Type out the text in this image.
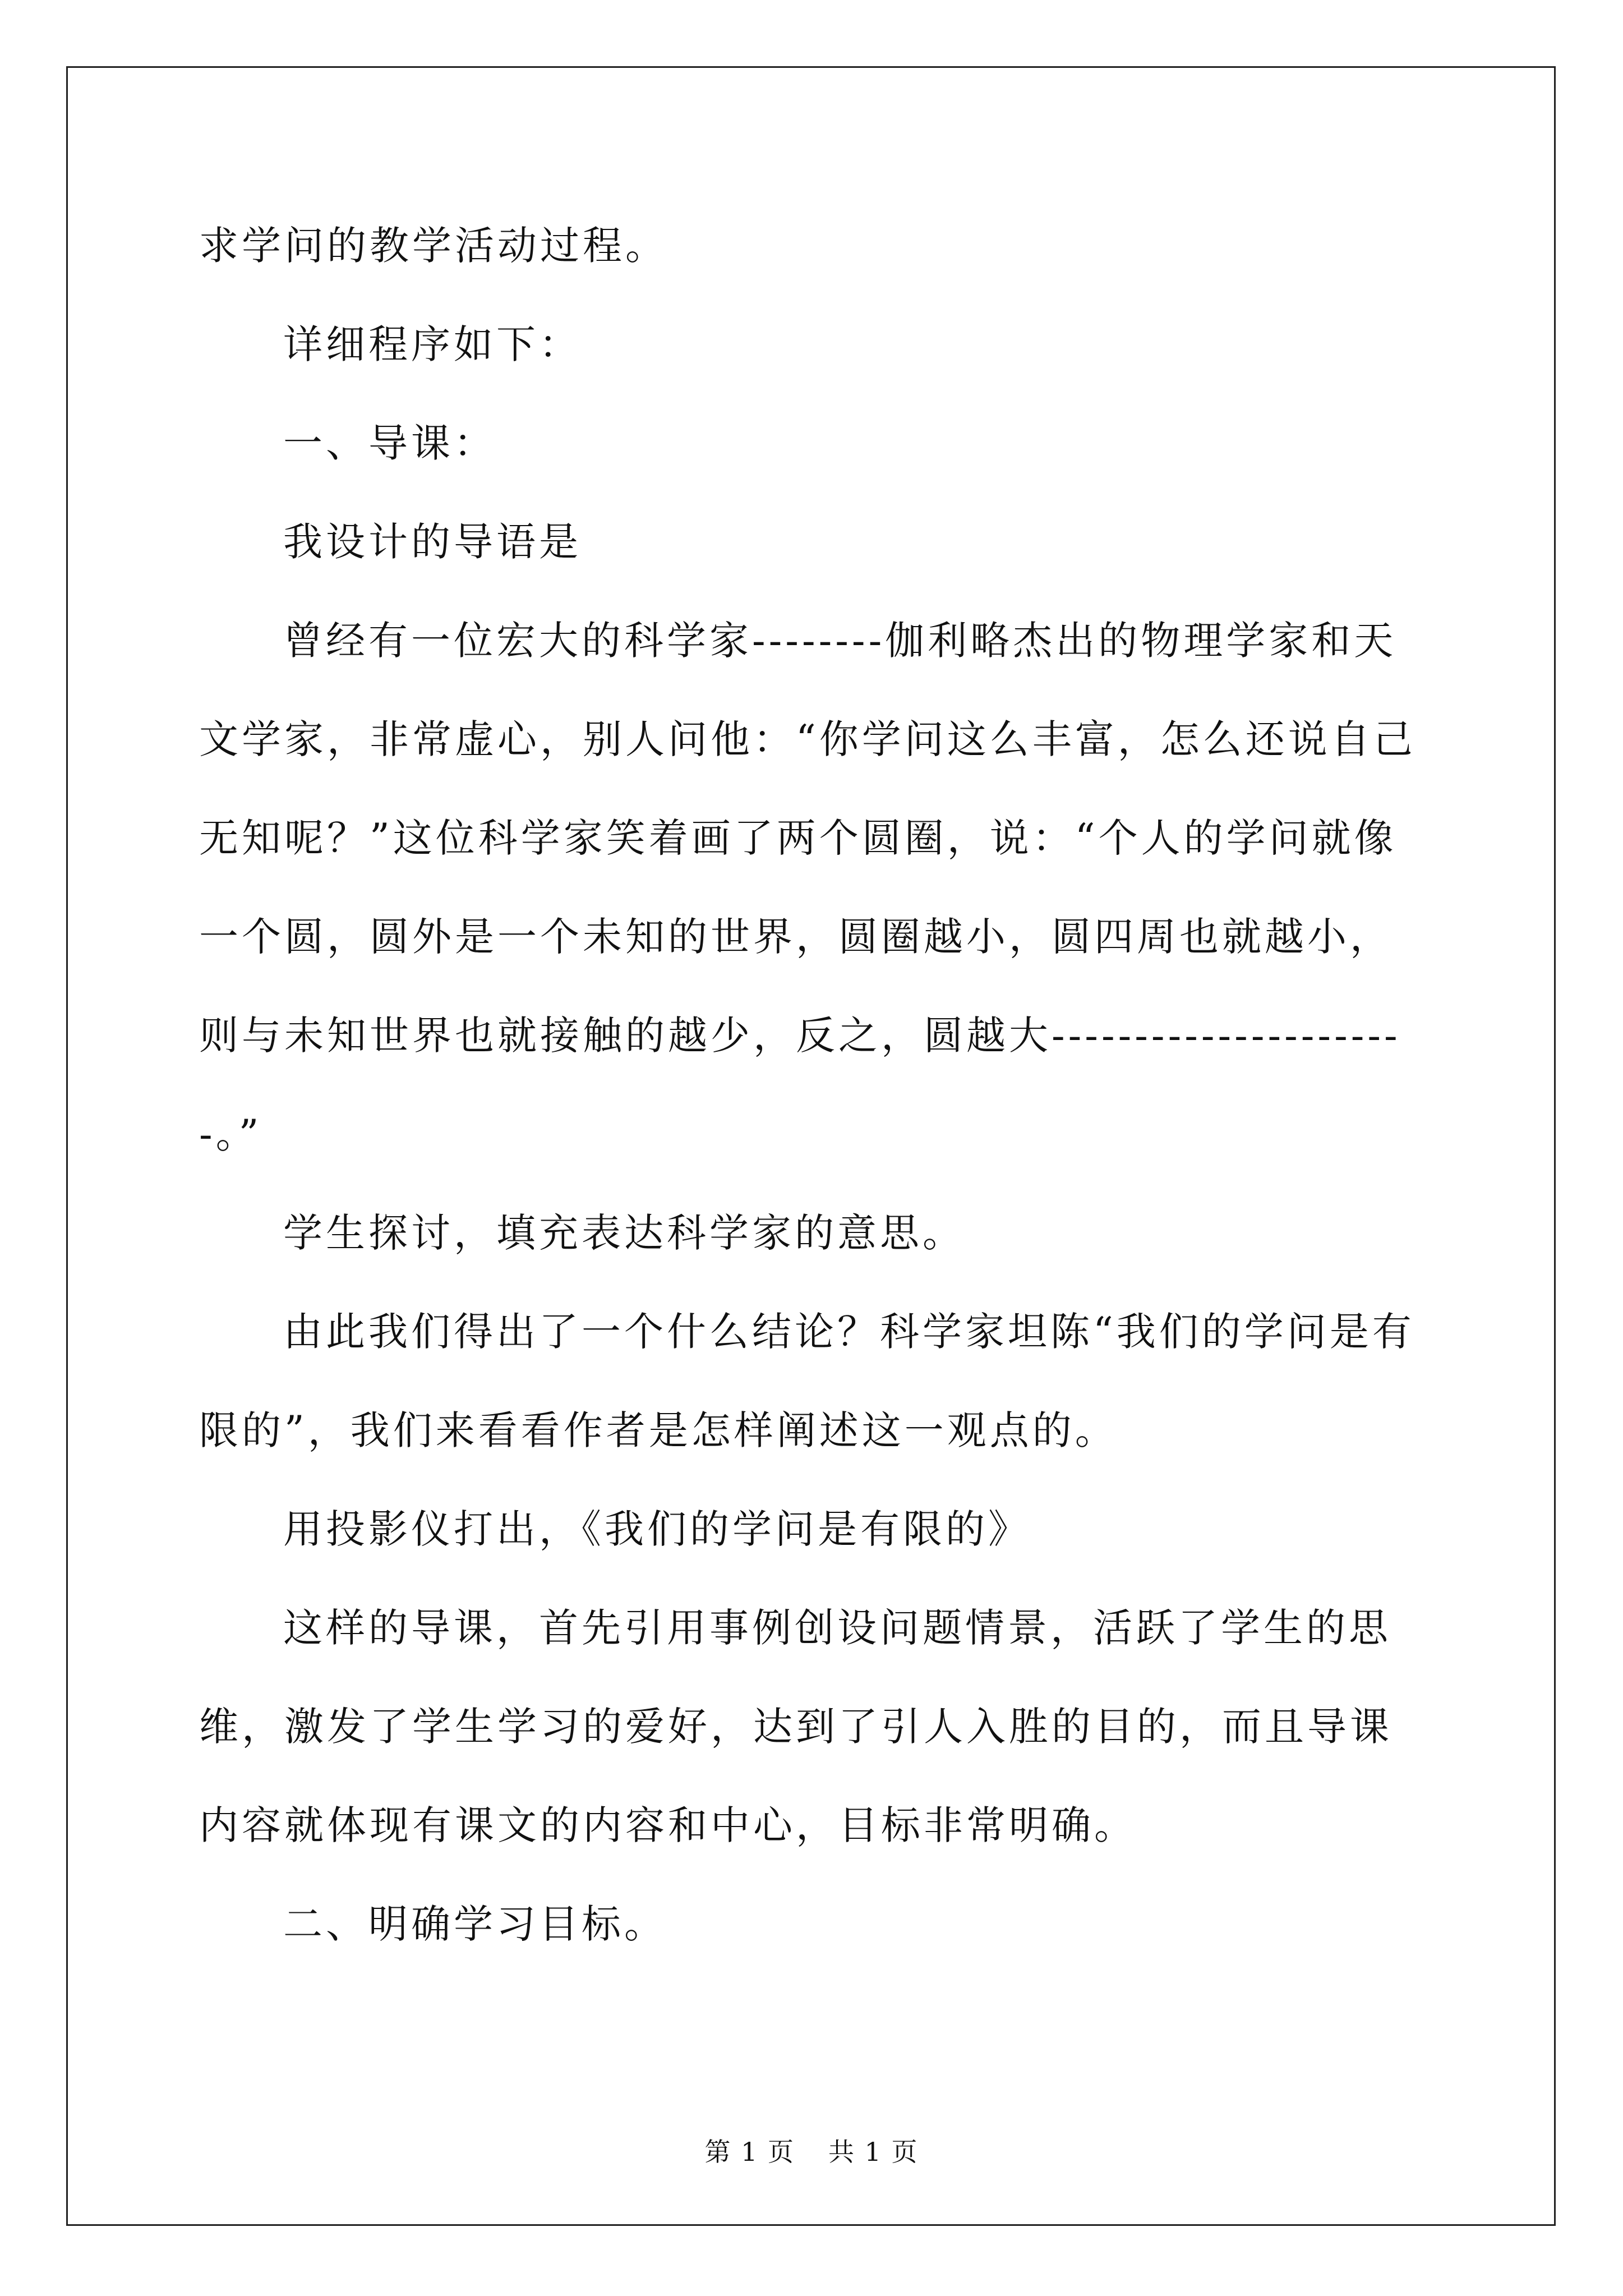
求学问的教学活动过程。

详细程序如下：

一、导课：

我设计的导语是

曾经有一位宏大的科学家--------伽利略杰出的物理学家和天文学家，非常虚心，别人问他：“你学问这么丰富，怎么还说自己无知呢？”这位科学家笑着画了两个圆圈，说：“个人的学问就像一个圆，圆外是一个未知的世界，圆圈越小，圆四周也就越小，则与未知世界也就接触的越少，反之，圆越大----------------------。”

学生探讨，填充表达科学家的意思。

由此我们得出了一个什么结论？科学家坦陈“我们的学问是有限的”，我们来看看作者是怎样阐述这一观点的。

用投影仪打出，《我们的学问是有限的》

这样的导课，首先引用事例创设问题情景，活跃了学生的思维，激发了学生学习的爱好，达到了引人入胜的目的，而且导课内容就体现有课文的内容和中心，目标非常明确。

二、明确学习目标。

第 1 页 共 1 页
